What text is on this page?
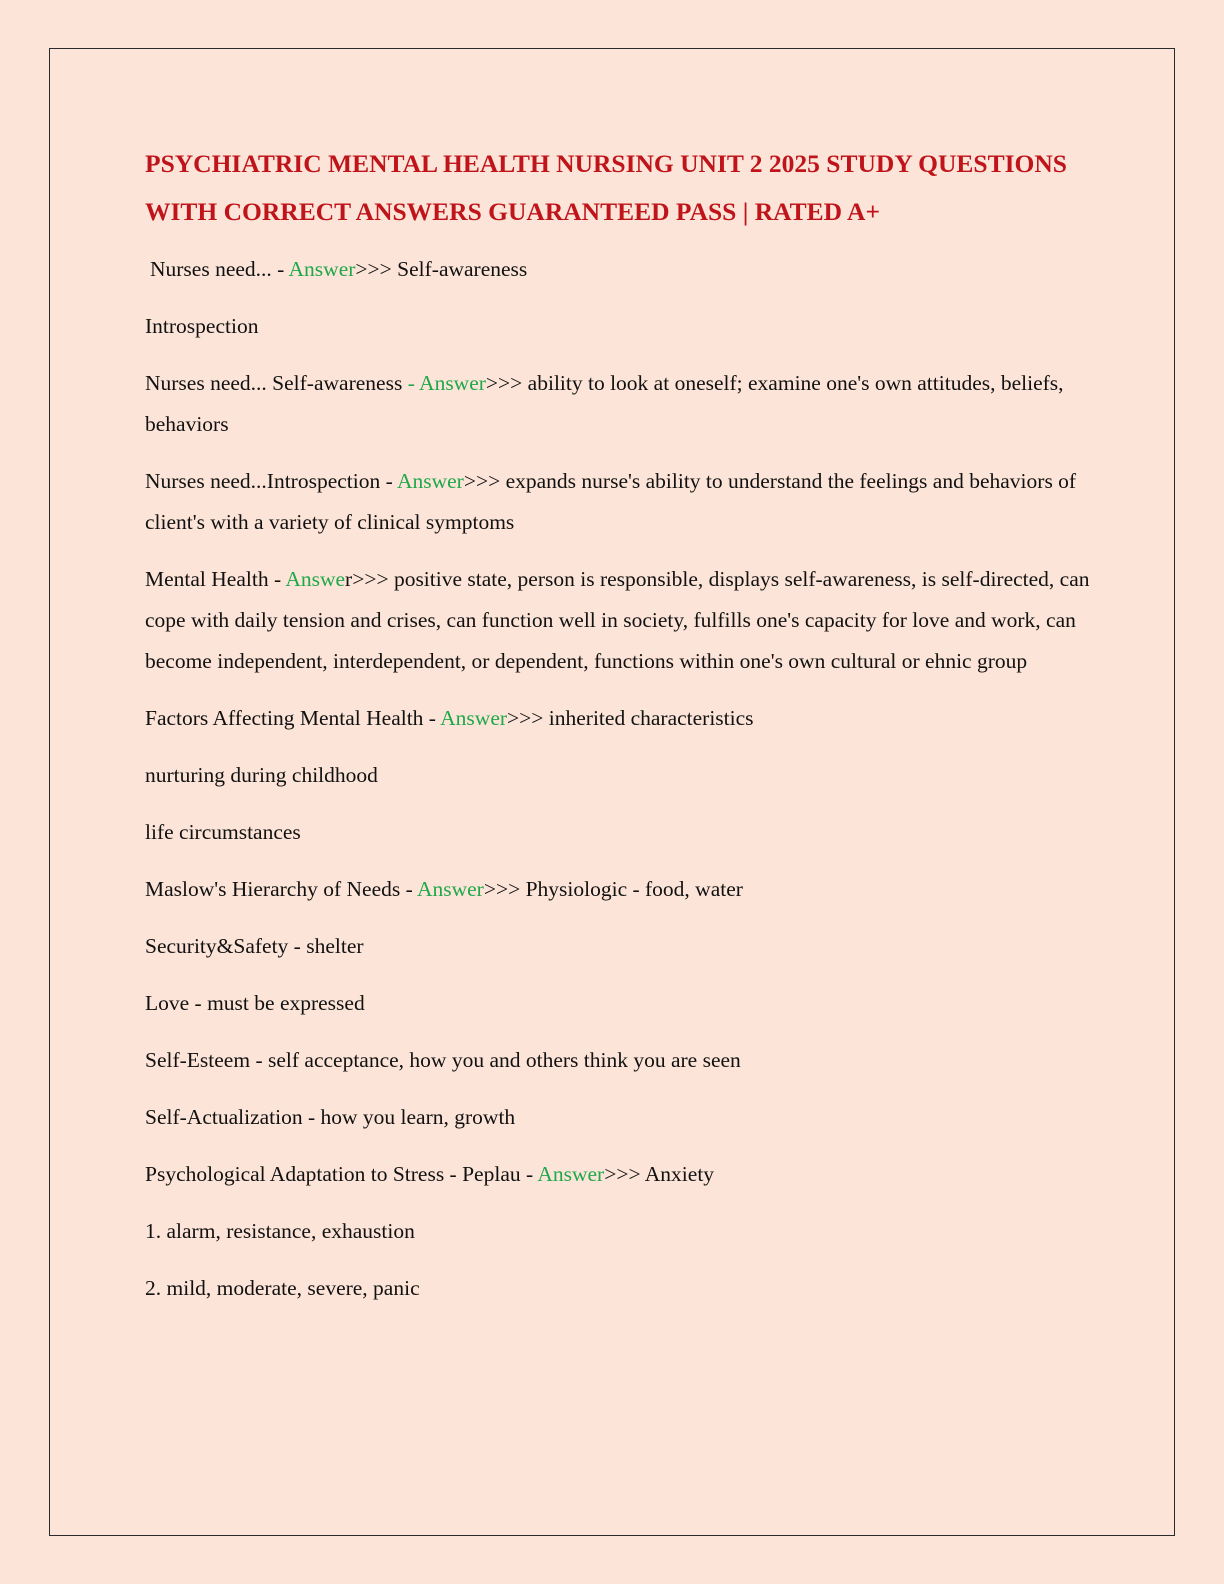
PSYCHIATRIC MENTAL HEALTH NURSING UNIT 2 2025 STUDY QUESTIONS WITH CORRECT ANSWERS GUARANTEED PASS | RATED A+

Nurses need... - Answer>>> Self-awareness

Introspection

Nurses need... Self-awareness - Answer>>> ability to look at oneself; examine one's own attitudes, beliefs, behaviors

Nurses need...Introspection - Answer>>> expands nurse's ability to understand the feelings and behaviors of client's with a variety of clinical symptoms

Mental Health - Answer>>> positive state, person is responsible, displays self-awareness, is self-directed, can cope with daily tension and crises, can function well in society, fulfills one's capacity for love and work, can become independent, interdependent, or dependent, functions within one's own cultural or ehnic group

Factors Affecting Mental Health - Answer>>> inherited characteristics

nurturing during childhood

life circumstances

Maslow's Hierarchy of Needs - Answer>>> Physiologic - food, water

Security&Safety - shelter

Love - must be expressed

Self-Esteem - self acceptance, how you and others think you are seen

Self-Actualization - how you learn, growth

Psychological Adaptation to Stress - Peplau - Answer>>> Anxiety

1. alarm, resistance, exhaustion

2. mild, moderate, severe, panic
